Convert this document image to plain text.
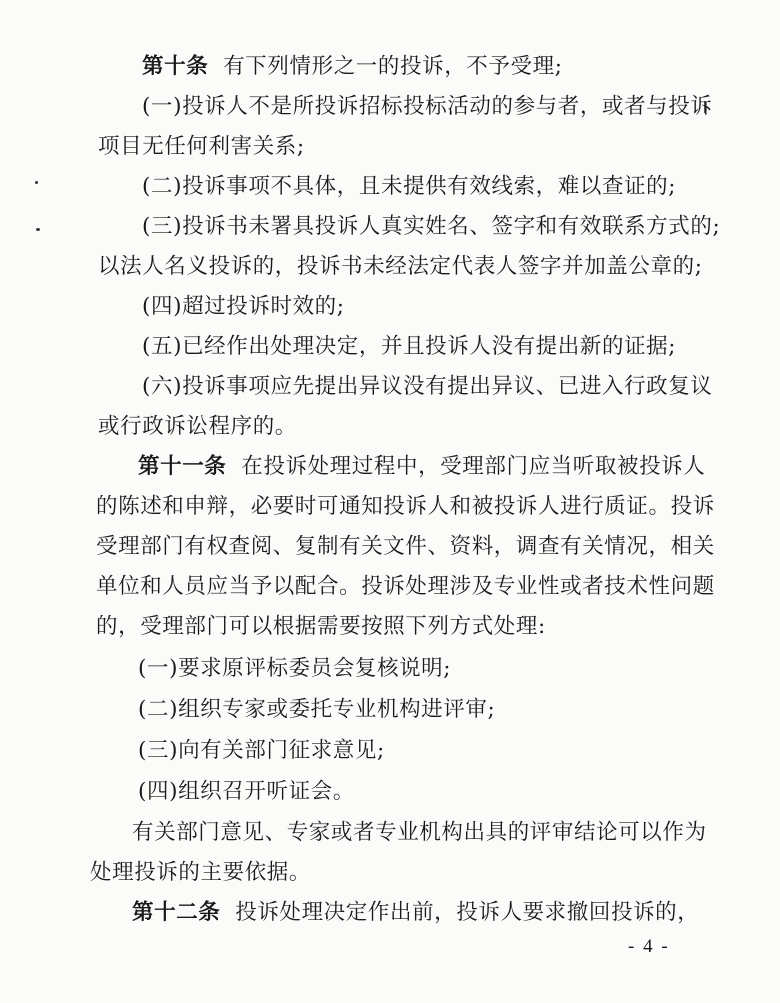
第十条 有下列情形之一的投诉，不予受理;
(一)投诉人不是所投诉招标投标活动的参与者，或者与投诉
项目无任何利害关系;
(二)投诉事项不具体，且未提供有效线索，难以查证的;
(三)投诉书未署具投诉人真实姓名、签字和有效联系方式的;
以法人名义投诉的，投诉书未经法定代表人签字并加盖公章的;
(四)超过投诉时效的;
(五)已经作出处理决定，并且投诉人没有提出新的证据;
(六)投诉事项应先提出异议没有提出异议、已进入行政复议
或行政诉讼程序的。
第十一条 在投诉处理过程中，受理部门应当听取被投诉人
的陈述和申辩，必要时可通知投诉人和被投诉人进行质证。投诉
受理部门有权查阅、复制有关文件、资料，调查有关情况，相关
单位和人员应当予以配合。投诉处理涉及专业性或者技术性问题
的，受理部门可以根据需要按照下列方式处理:
(一)要求原评标委员会复核说明;
(二)组织专家或委托专业机构进评审;
(三)向有关部门征求意见;
(四)组织召开听证会。
有关部门意见、专家或者专业机构出具的评审结论可以作为
处理投诉的主要依据。
第十二条 投诉处理决定作出前，投诉人要求撤回投诉的，
- 4 -
